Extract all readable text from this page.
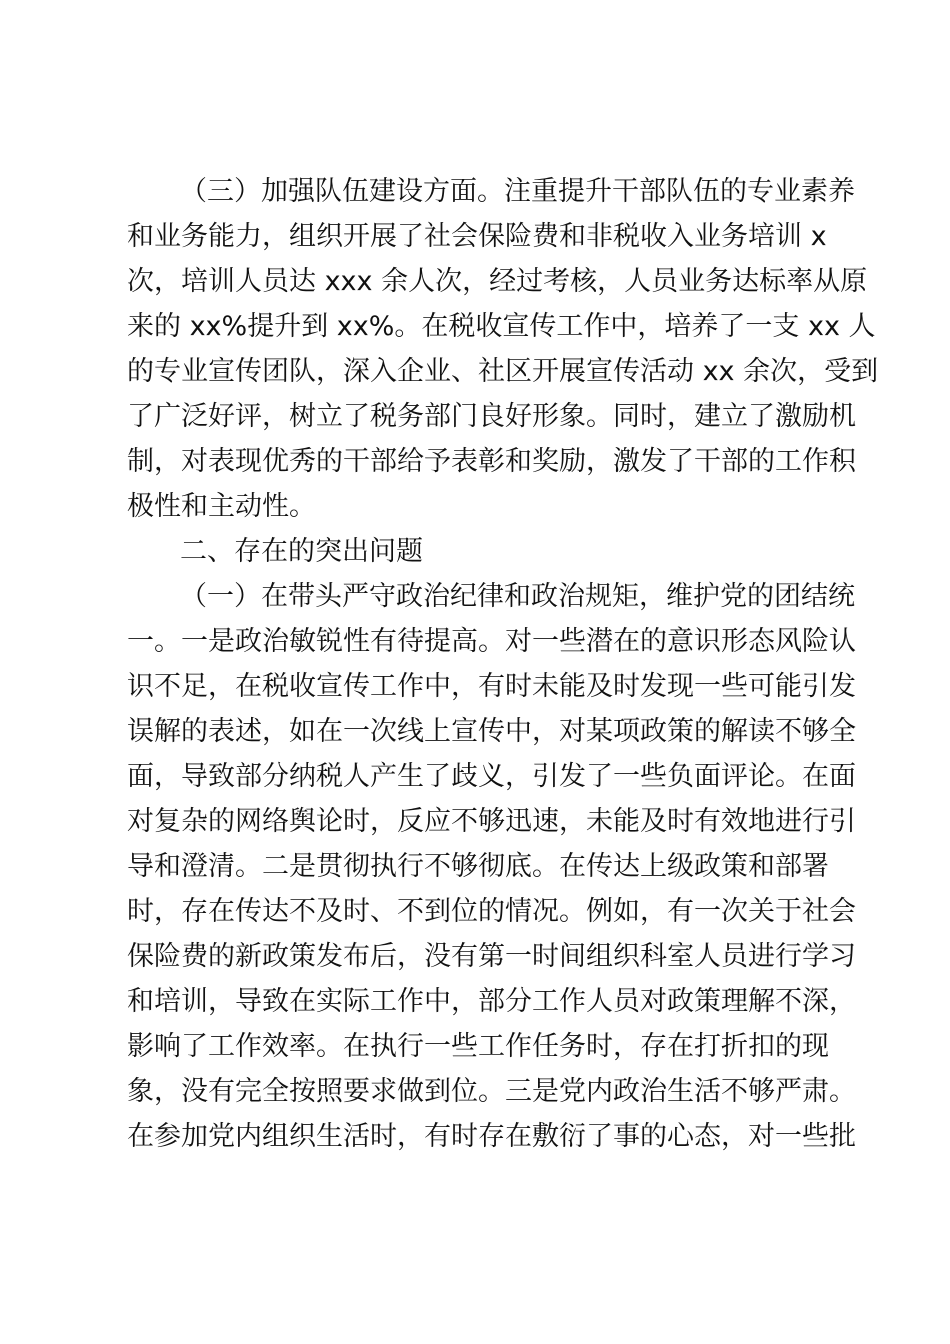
（三）加强队伍建设方面。注重提升干部队伍的专业素养
和业务能力，组织开展了社会保险费和非税收入业务培训 x
次，培训人员达 xxx 余人次，经过考核，人员业务达标率从原
来的 xx%提升到 xx%。在税收宣传工作中，培养了一支 xx 人
的专业宣传团队，深入企业、社区开展宣传活动 xx 余次，受到
了广泛好评，树立了税务部门良好形象。同时，建立了激励机
制，对表现优秀的干部给予表彰和奖励，激发了干部的工作积
极性和主动性。
二、存在的突出问题
（一）在带头严守政治纪律和政治规矩，维护党的团结统
一。一是政治敏锐性有待提高。对一些潜在的意识形态风险认
识不足，在税收宣传工作中，有时未能及时发现一些可能引发
误解的表述，如在一次线上宣传中，对某项政策的解读不够全
面，导致部分纳税人产生了歧义，引发了一些负面评论。在面
对复杂的网络舆论时，反应不够迅速，未能及时有效地进行引
导和澄清。二是贯彻执行不够彻底。在传达上级政策和部署
时，存在传达不及时、不到位的情况。例如，有一次关于社会
保险费的新政策发布后，没有第一时间组织科室人员进行学习
和培训，导致在实际工作中，部分工作人员对政策理解不深，
影响了工作效率。在执行一些工作任务时，存在打折扣的现
象，没有完全按照要求做到位。三是党内政治生活不够严肃。
在参加党内组织生活时，有时存在敷衍了事的心态，对一些批
